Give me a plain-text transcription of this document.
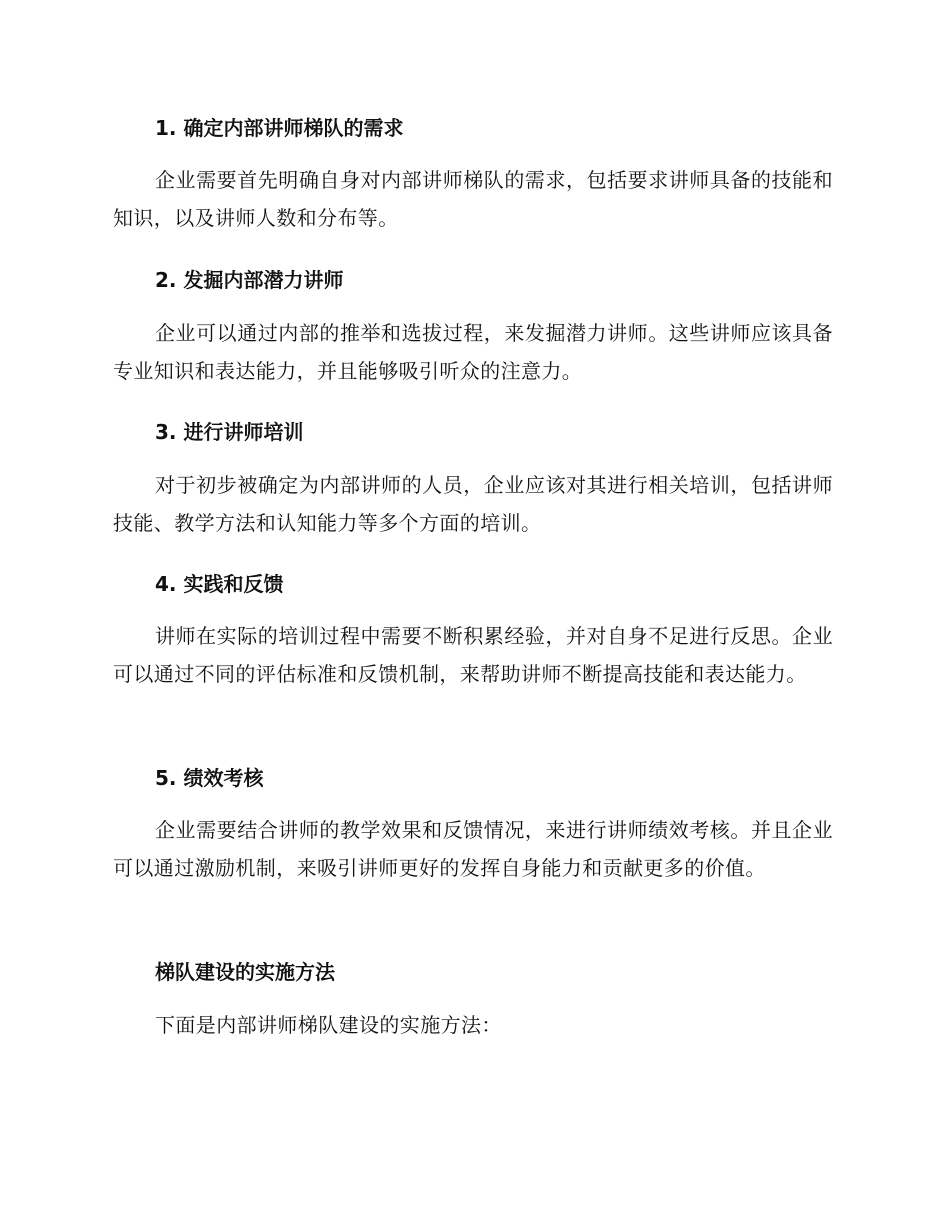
1. 确定内部讲师梯队的需求

企业需要首先明确自身对内部讲师梯队的需求，包括要求讲师具备的技能和知识，以及讲师人数和分布等。

2. 发掘内部潜力讲师

企业可以通过内部的推举和选拔过程，来发掘潜力讲师。这些讲师应该具备专业知识和表达能力，并且能够吸引听众的注意力。

3. 进行讲师培训

对于初步被确定为内部讲师的人员，企业应该对其进行相关培训，包括讲师技能、教学方法和认知能力等多个方面的培训。

4. 实践和反馈

讲师在实际的培训过程中需要不断积累经验，并对自身不足进行反思。企业可以通过不同的评估标准和反馈机制，来帮助讲师不断提高技能和表达能力。

5. 绩效考核

企业需要结合讲师的教学效果和反馈情况，来进行讲师绩效考核。并且企业可以通过激励机制，来吸引讲师更好的发挥自身能力和贡献更多的价值。

梯队建设的实施方法

下面是内部讲师梯队建设的实施方法：
